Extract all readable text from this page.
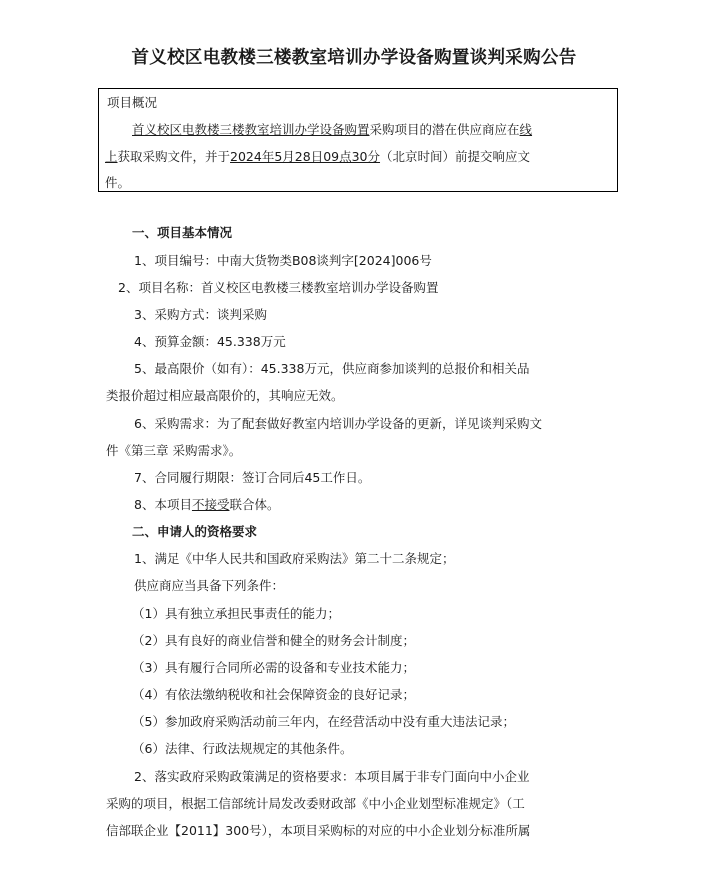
首义校区电教楼三楼教室培训办学设备购置谈判采购公告
项目概况
首义校区电教楼三楼教室培训办学设备购置采购项目的潜在供应商应在线
上获取采购文件，并于2024年5月28日09点30分（北京时间）前提交响应文
件。
一、项目基本情况
1、项目编号：中南大货物类B08谈判字[2024]006号
2、项目名称：首义校区电教楼三楼教室培训办学设备购置
3、采购方式：谈判采购
4、预算金额：45.338万元
5、最高限价（如有）：45.338万元，供应商参加谈判的总报价和相关品
类报价超过相应最高限价的，其响应无效。
6、采购需求：为了配套做好教室内培训办学设备的更新，详见谈判采购文
件《第三章 采购需求》。
7、合同履行期限：签订合同后45工作日。
8、本项目不接受联合体。
二、申请人的资格要求
1、满足《中华人民共和国政府采购法》第二十二条规定；
供应商应当具备下列条件：
（1）具有独立承担民事责任的能力；
（2）具有良好的商业信誉和健全的财务会计制度；
（3）具有履行合同所必需的设备和专业技术能力；
（4）有依法缴纳税收和社会保障资金的良好记录；
（5）参加政府采购活动前三年内，在经营活动中没有重大违法记录；
（6）法律、行政法规规定的其他条件。
2、落实政府采购政策满足的资格要求：本项目属于非专门面向中小企业
采购的项目，根据工信部统计局发改委财政部《中小企业划型标准规定》（工
信部联企业【2011】300号），本项目采购标的对应的中小企业划分标准所属
